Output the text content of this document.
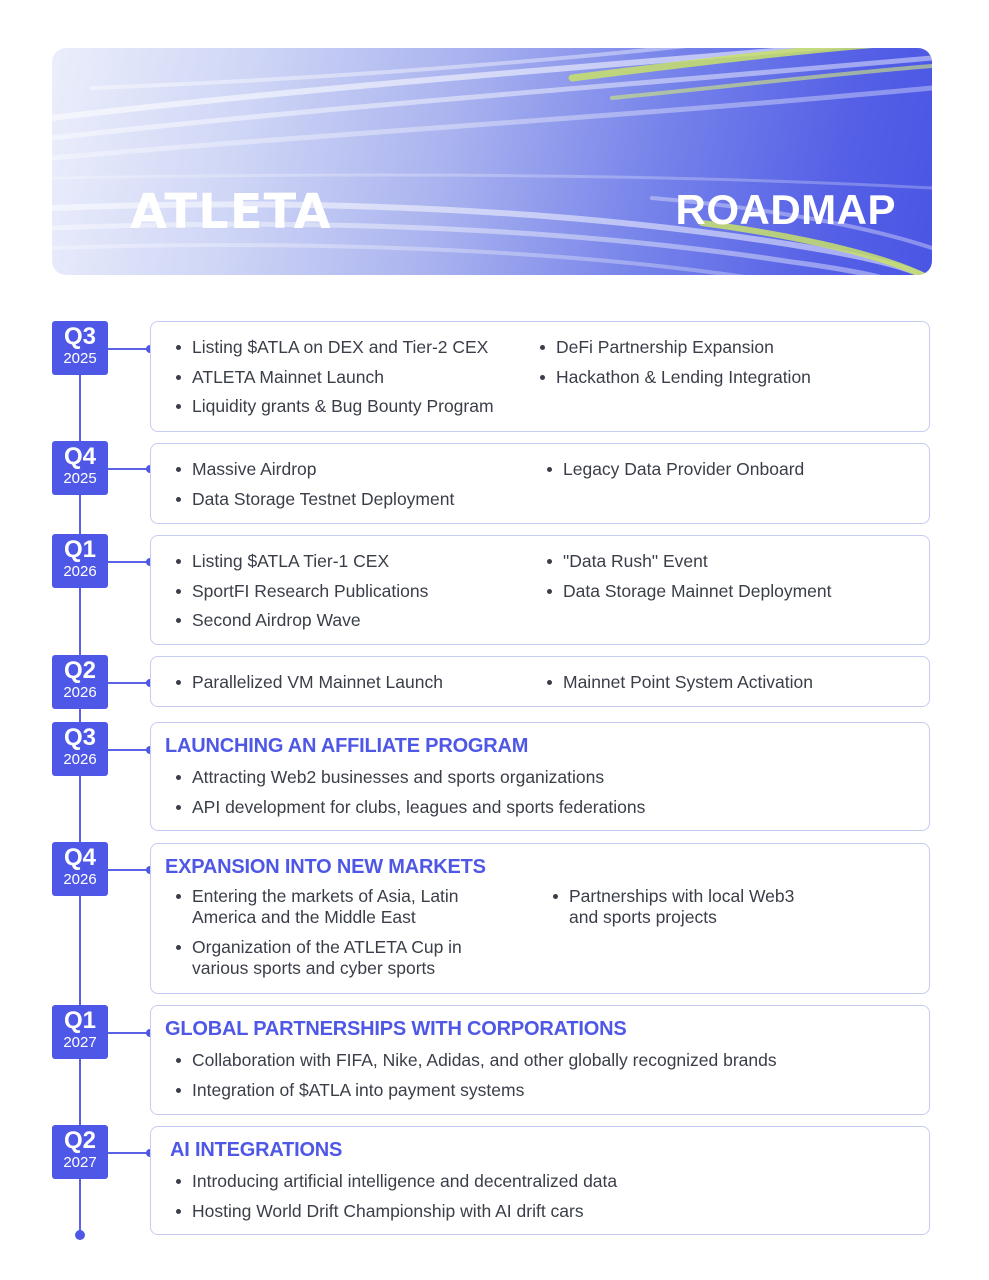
ATLETA	ROADMAP
Q3
2025
Listing $ATLA on DEX and Tier-2 CEX
ATLETA Mainnet Launch
Liquidity grants & Bug Bounty Program
DeFi Partnership Expansion
Hackathon & Lending Integration
Q4
2025	Massive Airdrop
Data Storage Testnet Deployment
Legacy Data Provider Onboard
Q1
2026
Listing $ATLA Tier-1 CEX
SportFI Research Publications
Second Airdrop Wave
"Data Rush" Event
Data Storage Mainnet Deployment
Q2
2026
Parallelized VM Mainnet Launch	Mainnet Point System Activation
Q3
2026
LAUNCHING AN AFFILIATE PROGRAM
Attracting Web2 businesses and sports organizations
API development for clubs, leagues and sports federations
Q4
2026
EXPANSION INTO NEW MARKETS
Entering the markets of Asia, Latin America and the Middle East
Organization of the ATLETA Cup in various sports and cyber sports
Partnerships with local Web3 and sports projects
Q1
2027
GLOBAL PARTNERSHIPS WITH CORPORATIONS
Collaboration with FIFA, Nike, Adidas, and other globally recognized brands
Integration of $ATLA into payment systems
Q2
2027
AI INTEGRATIONS
Introducing artificial intelligence and decentralized data
Hosting World Drift Championship with AI drift cars
